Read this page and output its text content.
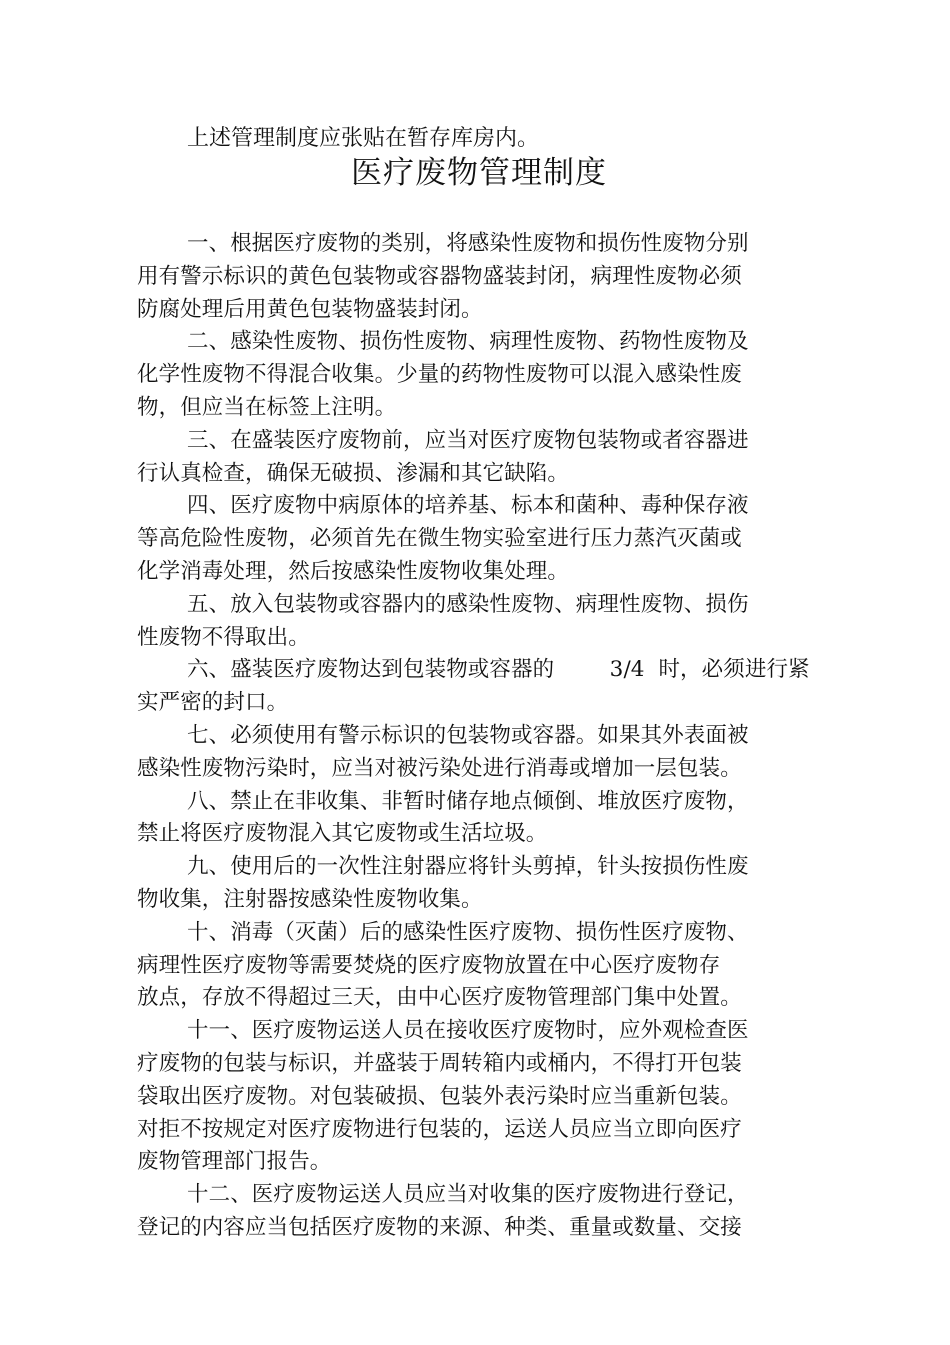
上述管理制度应张贴在暂存库房内。
医疗废物管理制度
一、根据医疗废物的类别，将感染性废物和损伤性废物分别
用有警示标识的黄色包装物或容器物盛装封闭，病理性废物必须
防腐处理后用黄色包装物盛装封闭。
二、感染性废物、损伤性废物、病理性废物、药物性废物及
化学性废物不得混合收集。少量的药物性废物可以混入感染性废
物，但应当在标签上注明。
三、在盛装医疗废物前，应当对医疗废物包装物或者容器进
行认真检查，确保无破损、渗漏和其它缺陷。
四、医疗废物中病原体的培养基、标本和菌种、毒种保存液
等高危险性废物，必须首先在微生物实验室进行压力蒸汽灭菌或
化学消毒处理，然后按感染性废物收集处理。
五、放入包装物或容器内的感染性废物、病理性废物、损伤
性废物不得取出。
六、盛装医疗废物达到包装物或容器的        3/4  时，必须进行紧
实严密的封口。
七、必须使用有警示标识的包装物或容器。如果其外表面被
感染性废物污染时，应当对被污染处进行消毒或增加一层包装。
八、禁止在非收集、非暂时储存地点倾倒、堆放医疗废物，
禁止将医疗废物混入其它废物或生活垃圾。
九、使用后的一次性注射器应将针头剪掉，针头按损伤性废
物收集，注射器按感染性废物收集。
十、消毒（灭菌）后的感染性医疗废物、损伤性医疗废物、
病理性医疗废物等需要焚烧的医疗废物放置在中心医疗废物存
放点，存放不得超过三天，由中心医疗废物管理部门集中处置。
十一、医疗废物运送人员在接收医疗废物时，应外观检查医
疗废物的包装与标识，并盛装于周转箱内或桶内，不得打开包装
袋取出医疗废物。对包装破损、包装外表污染时应当重新包装。
对拒不按规定对医疗废物进行包装的，运送人员应当立即向医疗
废物管理部门报告。
十二、医疗废物运送人员应当对收集的医疗废物进行登记，
登记的内容应当包括医疗废物的来源、种类、重量或数量、交接
